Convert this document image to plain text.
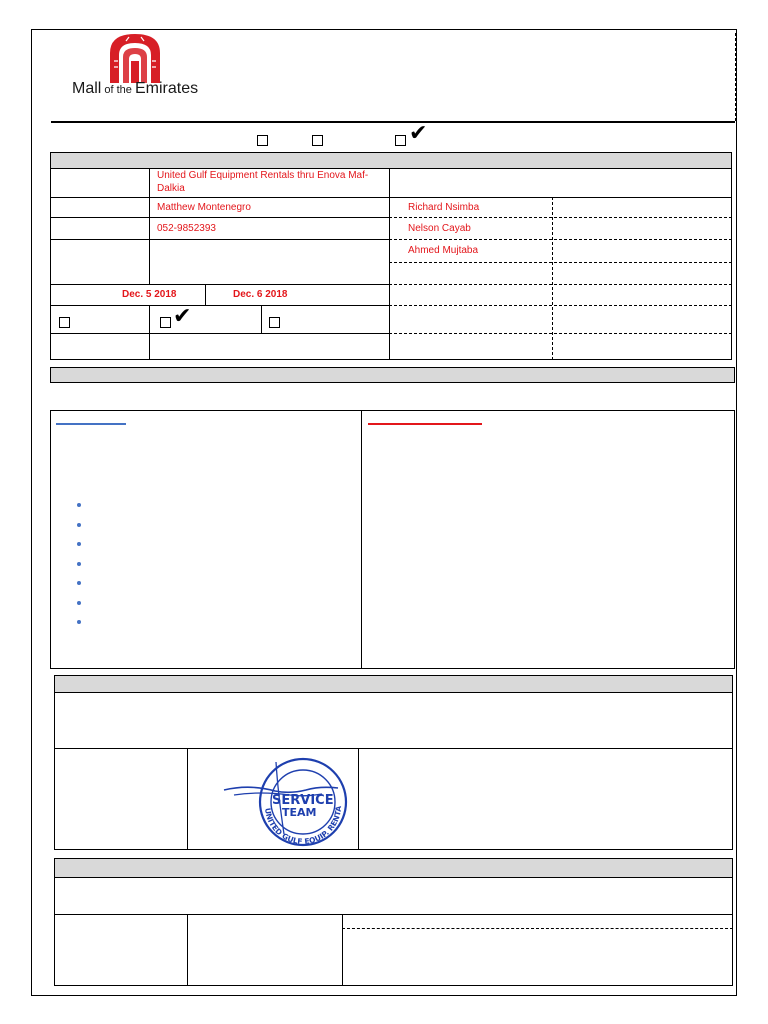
Mall of the Emirates
✔
United Gulf Equipment Rentals thru Enova Maf-Dalkia
Matthew Montenegro
052-9852393
Richard Nsimba
Nelson Cayab
Ahmed Mujtaba
Dec. 5 2018	Dec. 6 2018
✔
SERVICE
TEAM
UNITED GULF EQUIP. RENTA
